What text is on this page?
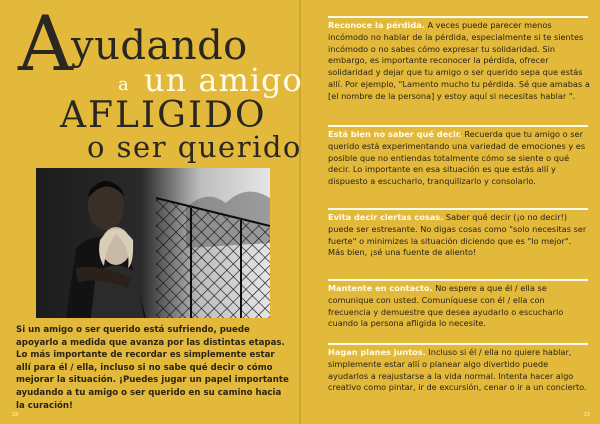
A
yudando
a un amigo
AFLIGIDO
o ser querido

Si un amigo o ser querido está sufriendo, puede apoyarlo a medida que avanza por las distintas etapas. Lo más importante de recordar es simplemente estar allí para él / ella, incluso si no sabe qué decir o cómo mejorar la situación. ¡Puedes jugar un papel importante ayudando a tu amigo o ser querido en su camino hacia la curación!

18

Reconoce la pérdida. A veces puede parecer menos incómodo no hablar de la pérdida, especialmente si te sientes incómodo o no sabes cómo expresar tu solidaridad. Sin embargo, es importante reconocer la pérdida, ofrecer solidaridad y dejar que tu amigo o ser querido sepa que estás allí. Por ejemplo, "Lamento mucho tu pérdida. Sé que amabas a [el nombre de la persona] y estoy aquí si necesitas hablar ".

Está bien no saber qué decir. Recuerda que tu amigo o ser querido está experimentando una variedad de emociones y es posible que no entiendas totalmente cómo se siente o qué decir. Lo importante en esa situación es que estás allí y dispuesto a escucharlo, tranquilizarlo y consolarlo.

Evita decir ciertas cosas. Saber qué decir (¡o no decir!) puede ser estresante. No digas cosas como "solo necesitas ser fuerte" o minimizes la situación diciendo que es "lo mejor". Más bien, ¡sé una fuente de aliento!

Mantente en contacto. No espere a que él / ella se comunique con usted. Comuníquese con él / ella con frecuencia y demuestre que desea ayudarlo o escucharlo cuando la persona afligida lo necesite.

Hagan planes juntos. Incluso si él / ella no quiere hablar, simplemente estar allí o planear algo divertido puede ayudarlos a reajustarse a la vida normal. Intenta hacer algo creativo como pintar, ir de excursión, cenar o ir a un concierto.

19
